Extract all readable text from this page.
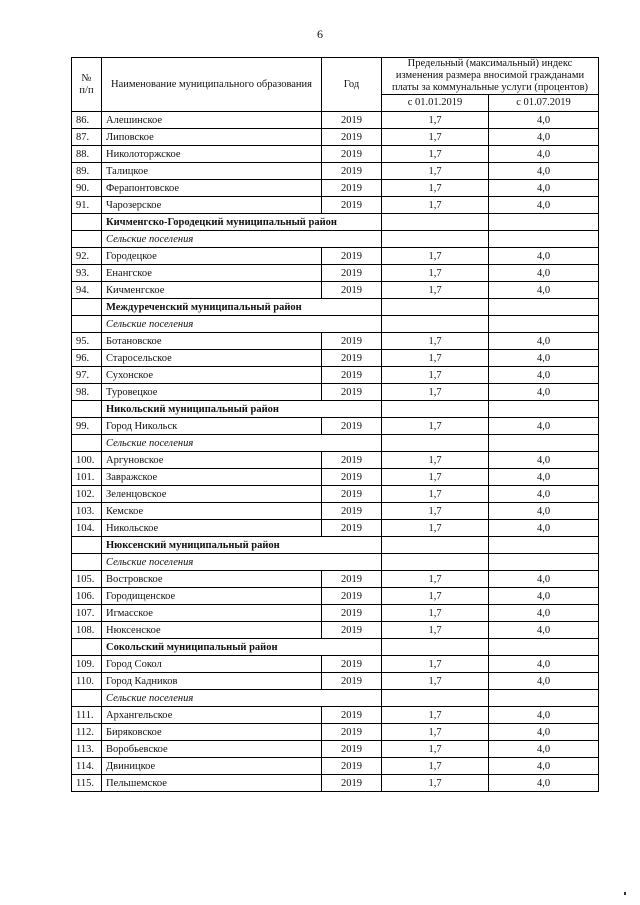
6
№ п/п	Наименование муниципального образования	Год	Предельный (максимальный) индекс изменения размера вносимой гражданами платы за коммунальные услуги (процентов)	
			с 01.01.2019	с 01.07.2019
86.	Алешинское	2019	1,7	4,0
87.	Липовское	2019	1,7	4,0
88.	Николоторжское	2019	1,7	4,0
89.	Талицкое	2019	1,7	4,0
90.	Ферапонтовское	2019	1,7	4,0
91.	Чарозерское	2019	1,7	4,0
	Кичменгско-Городецкий муниципальный район			
	Сельские поселения			
92.	Городецкое	2019	1,7	4,0
93.	Енангское	2019	1,7	4,0
94.	Кичменгское	2019	1,7	4,0
	Междуреченский муниципальный район			
	Сельские поселения			
95.	Ботановское	2019	1,7	4,0
96.	Старосельское	2019	1,7	4,0
97.	Сухонское	2019	1,7	4,0
98.	Туровецкое	2019	1,7	4,0
	Никольский муниципальный район			
99.	Город Никольск	2019	1,7	4,0
	Сельские поселения			
100.	Аргуновское	2019	1,7	4,0
101.	Завражское	2019	1,7	4,0
102.	Зеленцовское	2019	1,7	4,0
103.	Кемское	2019	1,7	4,0
104.	Никольское	2019	1,7	4,0
	Нюксенский муниципальный район			
	Сельские поселения			
105.	Востровское	2019	1,7	4,0
106.	Городищенское	2019	1,7	4,0
107.	Игмасское	2019	1,7	4,0
108.	Нюксенское	2019	1,7	4,0
	Сокольский муниципальный район			
109.	Город Сокол	2019	1,7	4,0
110.	Город Кадников	2019	1,7	4,0
	Сельские поселения			
111.	Архангельское	2019	1,7	4,0
112.	Биряковское	2019	1,7	4,0
113.	Воробьевское	2019	1,7	4,0
114.	Двиницкое	2019	1,7	4,0
115.	Пельшемское	2019	1,7	4,0
